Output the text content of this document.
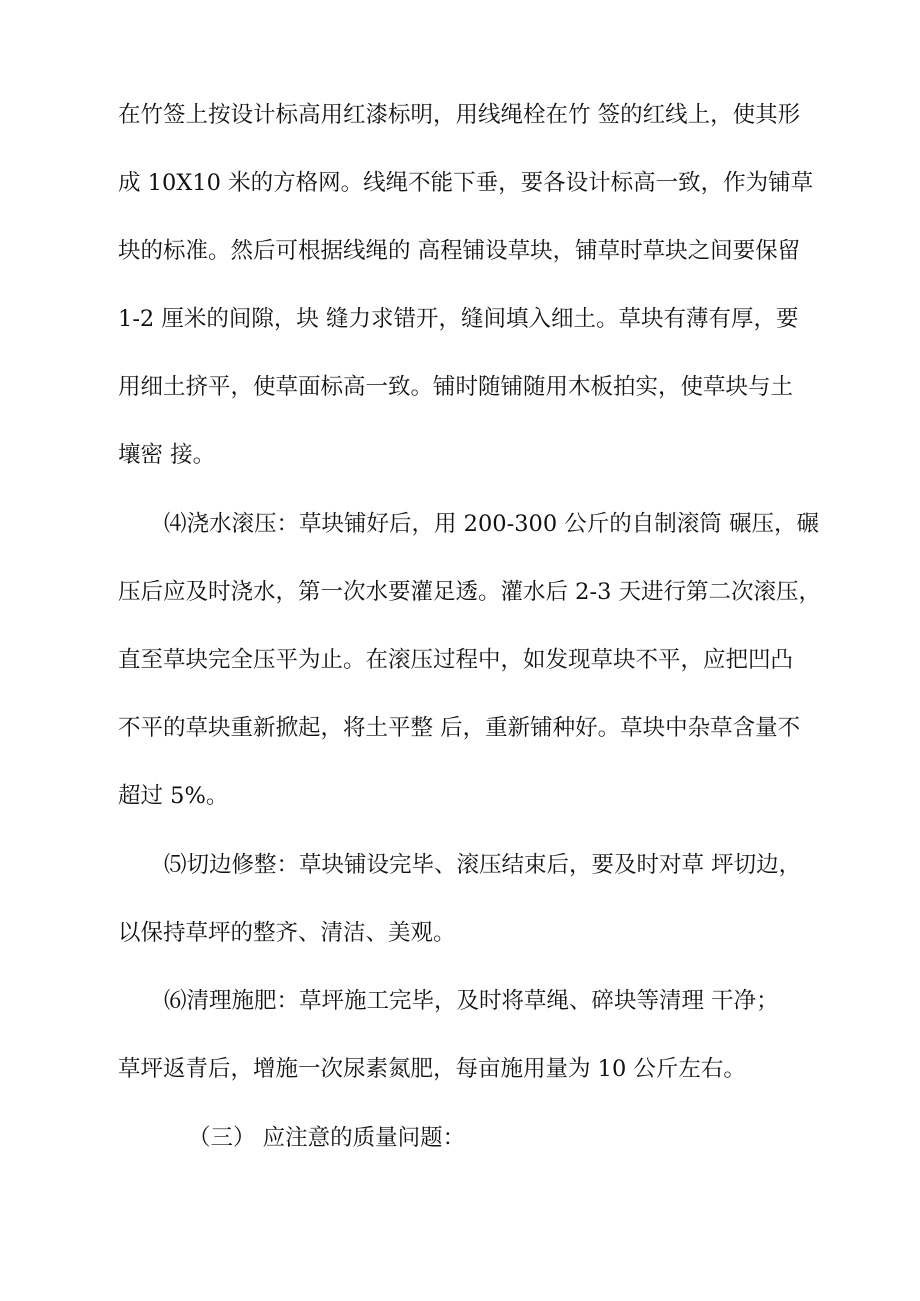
在竹签上按设计标高用红漆标明，用线绳栓在竹 签的红线上，使其形
成 10X10 米的方格网。线绳不能下垂，要各设计标高一致，作为铺草
块的标准。然后可根据线绳的 高程铺设草块，铺草时草块之间要保留
1-2 厘米的间隙，块 缝力求错开，缝间填入细土。草块有薄有厚，要
用细土挤平，使草面标高一致。铺时随铺随用木板拍实，使草块与土
壤密 接。
⑷浇水滚压：草块铺好后，用 200-300 公斤的自制滚筒 碾压，碾
压后应及时浇水，第一次水要灌足透。灌水后 2-3 天进行第二次滚压，
直至草块完全压平为止。在滚压过程中，如发现草块不平，应把凹凸
不平的草块重新掀起，将土平整 后，重新铺种好。草块中杂草含量不
超过 5%。
⑸切边修整：草块铺设完毕、滚压结束后，要及时对草 坪切边，
以保持草坪的整齐、清洁、美观。
⑹清理施肥：草坪施工完毕，及时将草绳、碎块等清理 干净；
草坪返青后，增施一次尿素氮肥，每亩施用量为 10 公斤左右。
（三） 应注意的质量问题：
